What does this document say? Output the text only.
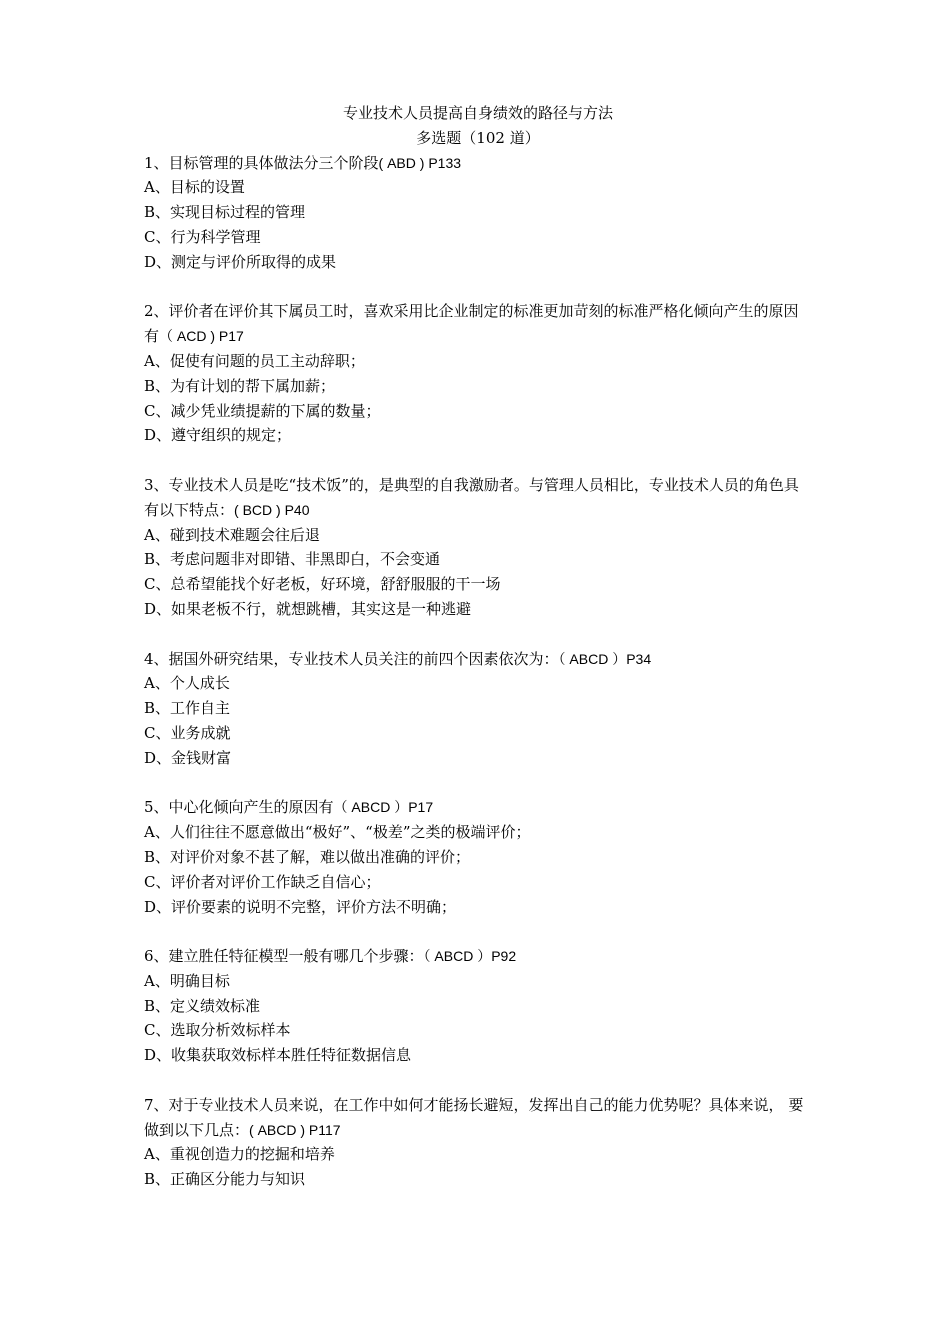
专业技术人员提高自身绩效的路径与方法
多选题（102 道）
1、目标管理的具体做法分三个阶段( ABD ) P133
A、目标的设置
B、实现目标过程的管理
C、行为科学管理
D、测定与评价所取得的成果
2、评价者在评价其下属员工时，喜欢采用比企业制定的标准更加苛刻的标准严格化倾向产生的原因有（ ACD ) P17
A、促使有问题的员工主动辞职；
B、为有计划的帮下属加薪；
C、减少凭业绩提薪的下属的数量；
D、遵守组织的规定；
3、专业技术人员是吃“技术饭”的，是典型的自我激励者。与管理人员相比，专业技术人员的角色具有以下特点：( BCD ) P40
A、碰到技术难题会往后退
B、考虑问题非对即错、非黑即白，不会变通
C、总希望能找个好老板，好环境，舒舒服服的干一场
D、如果老板不行，就想跳槽，其实这是一种逃避
4、据国外研究结果，专业技术人员关注的前四个因素依次为：（ ABCD ）P34
A、个人成长
B、工作自主
C、业务成就
D、金钱财富
5、中心化倾向产生的原因有（ ABCD ）P17
A、人们往往不愿意做出“极好”、“极差”之类的极端评价；
B、对评价对象不甚了解，难以做出准确的评价；
C、评价者对评价工作缺乏自信心；
D、评价要素的说明不完整，评价方法不明确；
6、建立胜任特征模型一般有哪几个步骤：（ ABCD ）P92
A、明确目标
B、定义绩效标准
C、选取分析效标样本
D、收集获取效标样本胜任特征数据信息
7、对于专业技术人员来说，在工作中如何才能扬长避短，发挥出自己的能力优势呢？具体来说， 要做到以下几点：( ABCD ) P117
A、重视创造力的挖掘和培养
B、正确区分能力与知识
